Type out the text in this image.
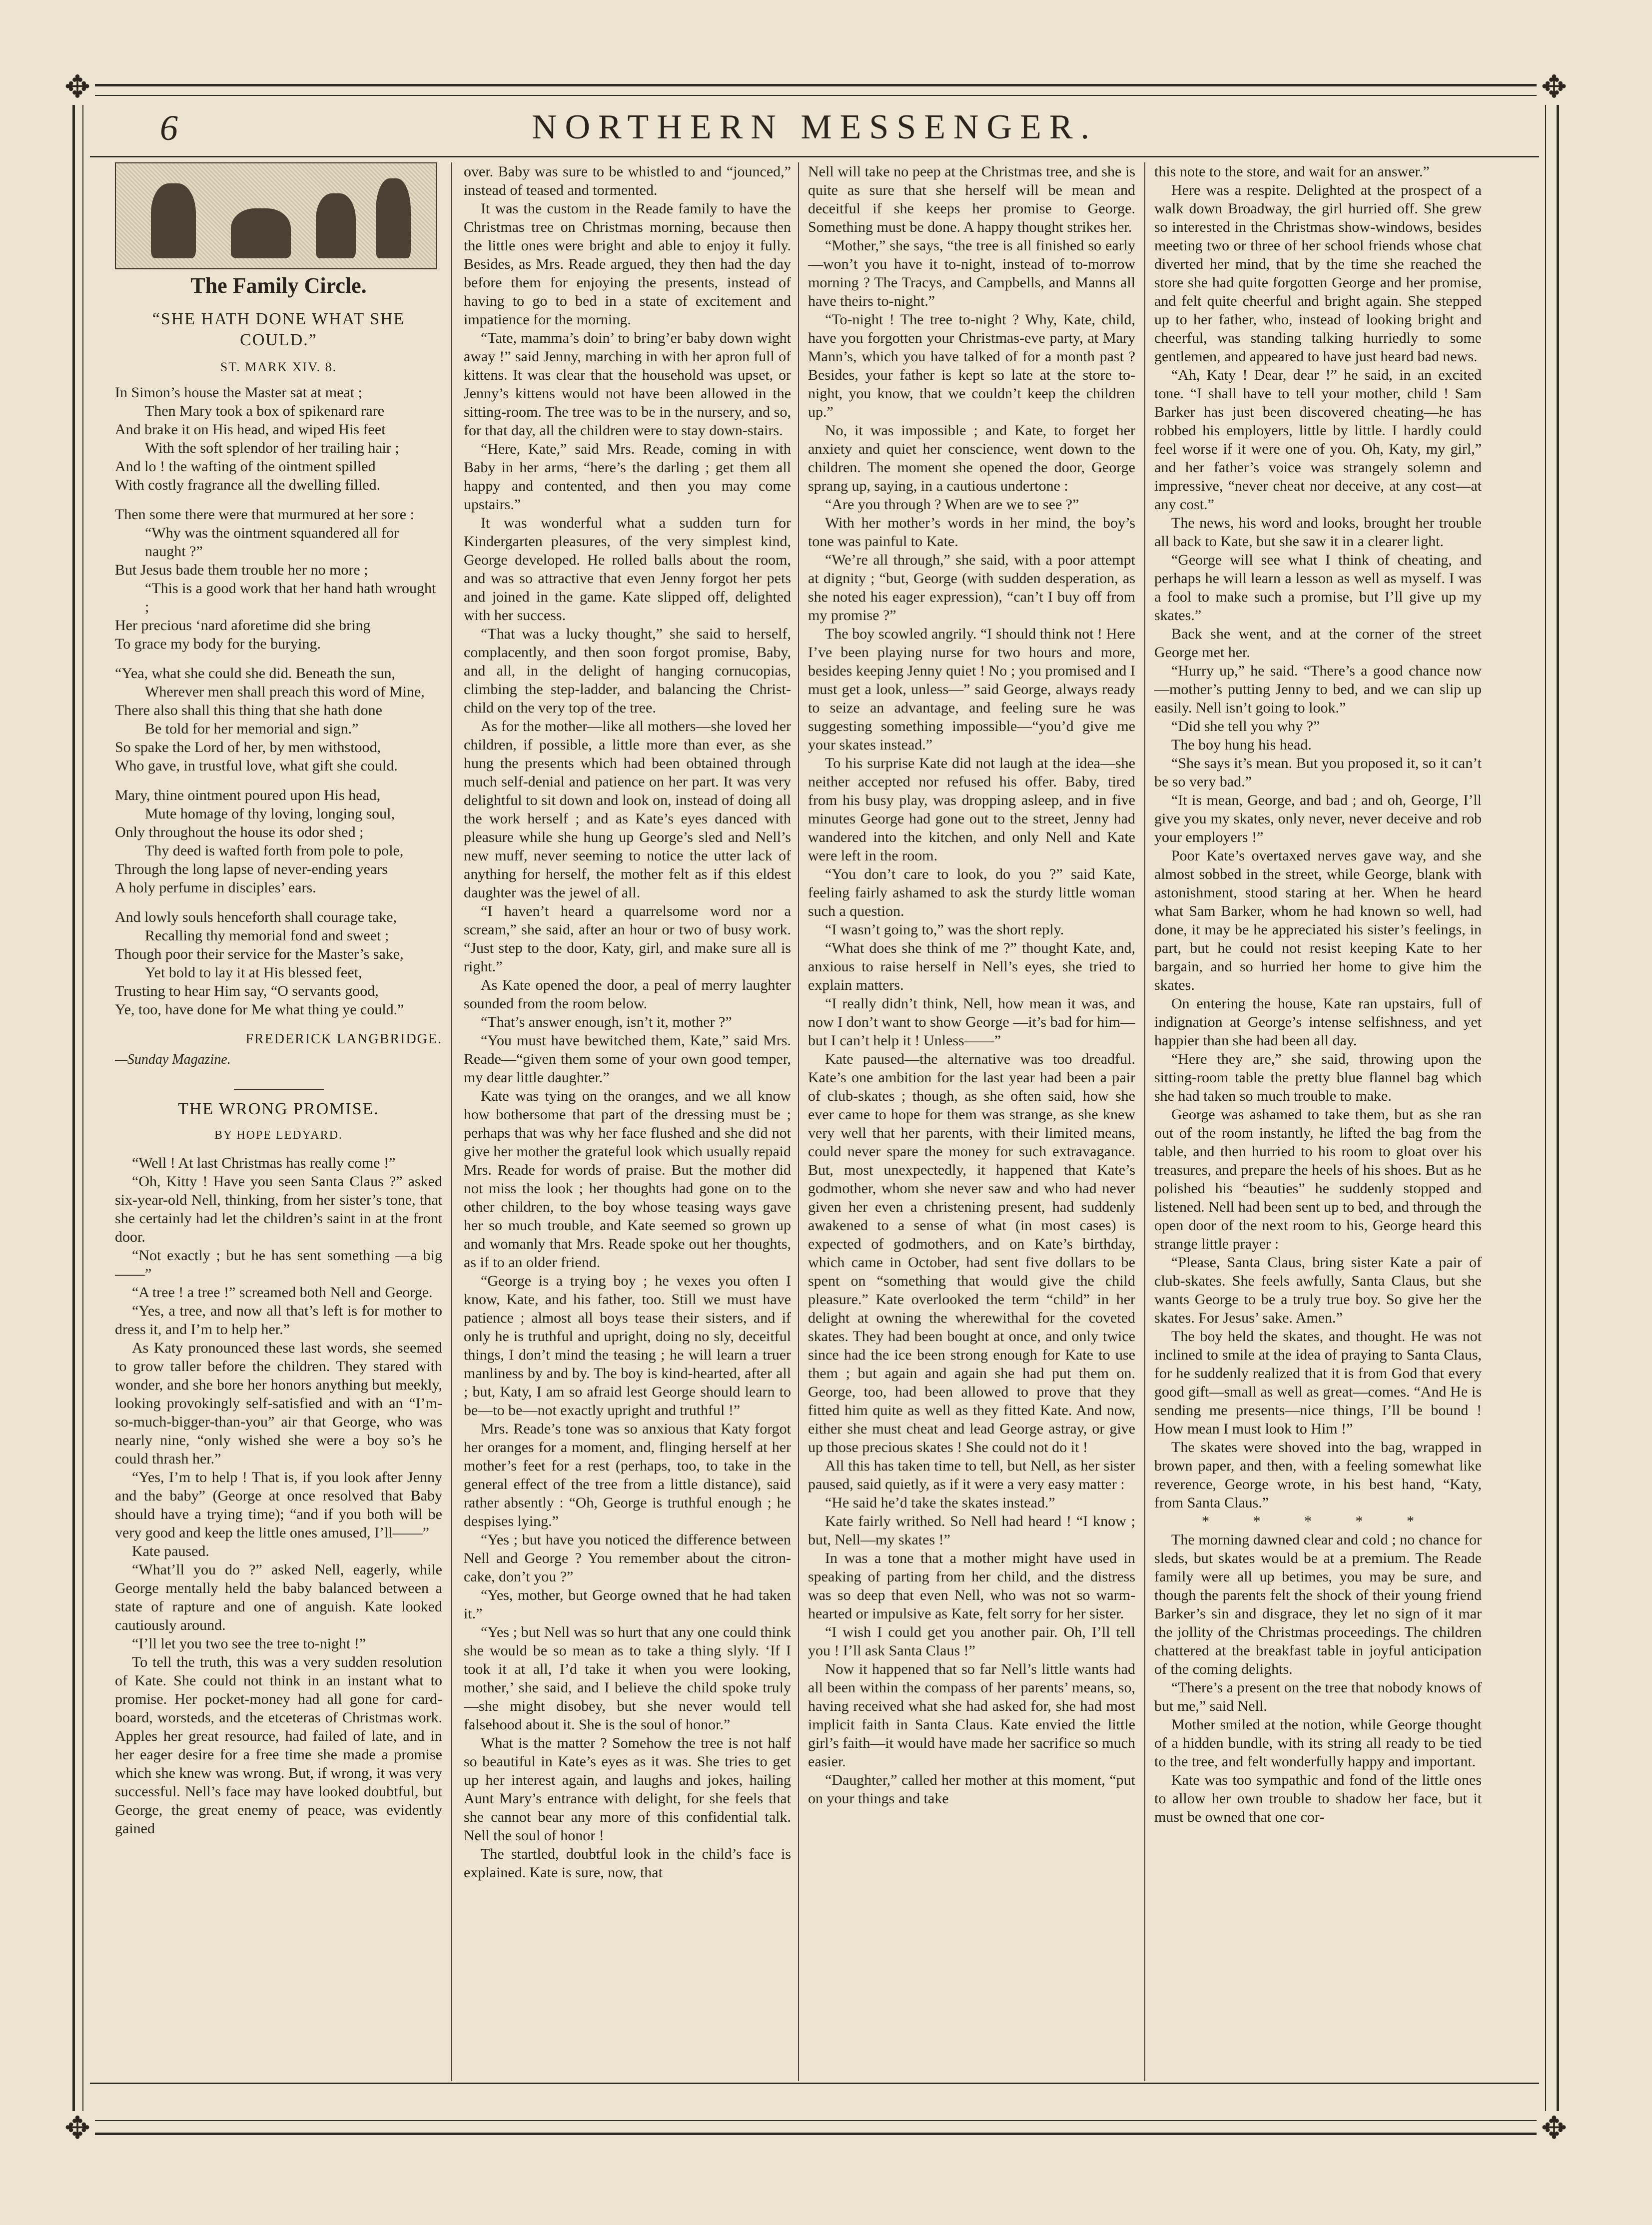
✥	✥
✥	✥
6	NORTHERN MESSENGER.
The Family Circle.
“SHE HATH DONE WHAT SHE COULD.”
ST. MARK XIV. 8.
In Simon’s house the Master sat at meat ;
Then Mary took a box of spikenard rare
And brake it on His head, and wiped His feet
With the soft splendor of her trailing hair ;
And lo ! the wafting of the ointment spilled
With costly fragrance all the dwelling filled.
Then some there were that murmured at her sore :
“Why was the ointment squandered all for naught ?”
But Jesus bade them trouble her no more ;
“This is a good work that her hand hath wrought ;
Her precious ‘nard aforetime did she bring
To grace my body for the burying.
“Yea, what she could she did. Beneath the sun,
Wherever men shall preach this word of Mine,
There also shall this thing that she hath done
Be told for her memorial and sign.”
So spake the Lord of her, by men withstood,
Who gave, in trustful love, what gift she could.
Mary, thine ointment poured upon His head,
Mute homage of thy loving, longing soul,
Only throughout the house its odor shed ;
Thy deed is wafted forth from pole to pole,
Through the long lapse of never-ending years
A holy perfume in disciples’ ears.
And lowly souls henceforth shall courage take,
Recalling thy memorial fond and sweet ;
Though poor their service for the Master’s sake,
Yet bold to lay it at His blessed feet,
Trusting to hear Him say, “O servants good,
Ye, too, have done for Me what thing ye could.”
FREDERICK LANGBRIDGE.
—Sunday Magazine.
THE WRONG PROMISE.
BY HOPE LEDYARD.

“Well ! At last Christmas has really come !”

“Oh, Kitty ! Have you seen Santa Claus ?” asked six-year-old Nell, thinking, from her sister’s tone, that she certainly had let the children’s saint in at the front door.

“Not exactly ; but he has sent something —a big——”

“A tree ! a tree !” screamed both Nell and George.

“Yes, a tree, and now all that’s left is for mother to dress it, and I’m to help her.”

As Katy pronounced these last words, she seemed to grow taller before the children. They stared with wonder, and she bore her honors anything but meekly, looking provokingly self-satisfied and with an “I’m-so-much-bigger-than-you” air that George, who was nearly nine, “only wished she were a boy so’s he could thrash her.”

“Yes, I’m to help ! That is, if you look after Jenny and the baby” (George at once resolved that Baby should have a trying time); “and if you both will be very good and keep the little ones amused, I’ll——”

Kate paused.

“What’ll you do ?” asked Nell, eagerly, while George mentally held the baby balanced between a state of rapture and one of anguish. Kate looked cautiously around.

“I’ll let you two see the tree to-night !”

To tell the truth, this was a very sudden resolution of Kate. She could not think in an instant what to promise. Her pocket-money had all gone for card-board, worsteds, and the etceteras of Christmas work. Apples her great resource, had failed of late, and in her eager desire for a free time she made a promise which she knew was wrong. But, if wrong, it was very successful. Nell’s face may have looked doubtful, but George, the great enemy of peace, was evidently gained

over. Baby was sure to be whistled to and “jounced,” instead of teased and tormented.

It was the custom in the Reade family to have the Christmas tree on Christmas morning, because then the little ones were bright and able to enjoy it fully. Besides, as Mrs. Reade argued, they then had the day before them for enjoying the presents, instead of having to go to bed in a state of excitement and impatience for the morning.

“Tate, mamma’s doin’ to bring’er baby down wight away !” said Jenny, marching in with her apron full of kittens. It was clear that the household was upset, or Jenny’s kittens would not have been allowed in the sitting-room. The tree was to be in the nursery, and so, for that day, all the children were to stay down-stairs.

“Here, Kate,” said Mrs. Reade, coming in with Baby in her arms, “here’s the darling ; get them all happy and contented, and then you may come upstairs.”

It was wonderful what a sudden turn for Kindergarten pleasures, of the very simplest kind, George developed. He rolled balls about the room, and was so attractive that even Jenny forgot her pets and joined in the game. Kate slipped off, delighted with her success.

“That was a lucky thought,” she said to herself, complacently, and then soon forgot promise, Baby, and all, in the delight of hanging cornucopias, climbing the step-ladder, and balancing the Christ-child on the very top of the tree.

As for the mother—like all mothers—she loved her children, if possible, a little more than ever, as she hung the presents which had been obtained through much self-denial and patience on her part. It was very delightful to sit down and look on, instead of doing all the work herself ; and as Kate’s eyes danced with pleasure while she hung up George’s sled and Nell’s new muff, never seeming to notice the utter lack of anything for herself, the mother felt as if this eldest daughter was the jewel of all.

“I haven’t heard a quarrelsome word nor a scream,” she said, after an hour or two of busy work. “Just step to the door, Katy, girl, and make sure all is right.”

As Kate opened the door, a peal of merry laughter sounded from the room below.

“That’s answer enough, isn’t it, mother ?”

“You must have bewitched them, Kate,” said Mrs. Reade—“given them some of your own good temper, my dear little daughter.”

Kate was tying on the oranges, and we all know how bothersome that part of the dressing must be ; perhaps that was why her face flushed and she did not give her mother the grateful look which usually repaid Mrs. Reade for words of praise. But the mother did not miss the look ; her thoughts had gone on to the other children, to the boy whose teasing ways gave her so much trouble, and Kate seemed so grown up and womanly that Mrs. Reade spoke out her thoughts, as if to an older friend.

“George is a trying boy ; he vexes you often I know, Kate, and his father, too. Still we must have patience ; almost all boys tease their sisters, and if only he is truthful and upright, doing no sly, deceitful things, I don’t mind the teasing ; he will learn a truer manliness by and by. The boy is kind-hearted, after all ; but, Katy, I am so afraid lest George should learn to be—to be—not exactly upright and truthful !”

Mrs. Reade’s tone was so anxious that Katy forgot her oranges for a moment, and, flinging herself at her mother’s feet for a rest (perhaps, too, to take in the general effect of the tree from a little distance), said rather absently : “Oh, George is truthful enough ; he despises lying.”

“Yes ; but have you noticed the difference between Nell and George ? You remember about the citron-cake, don’t you ?”

“Yes, mother, but George owned that he had taken it.”

“Yes ; but Nell was so hurt that any one could think she would be so mean as to take a thing slyly. ‘If I took it at all, I’d take it when you were looking, mother,’ she said, and I believe the child spoke truly—she might disobey, but she never would tell falsehood about it. She is the soul of honor.”

What is the matter ? Somehow the tree is not half so beautiful in Kate’s eyes as it was. She tries to get up her interest again, and laughs and jokes, hailing Aunt Mary’s entrance with delight, for she feels that she cannot bear any more of this confidential talk. Nell the soul of honor !

The startled, doubtful look in the child’s face is explained. Kate is sure, now, that

Nell will take no peep at the Christmas tree, and she is quite as sure that she herself will be mean and deceitful if she keeps her promise to George. Something must be done. A happy thought strikes her.

“Mother,” she says, “the tree is all finished so early—won’t you have it to-night, instead of to-morrow morning ? The Tracys, and Campbells, and Manns all have theirs to-night.”

“To-night ! The tree to-night ? Why, Kate, child, have you forgotten your Christmas-eve party, at Mary Mann’s, which you have talked of for a month past ? Besides, your father is kept so late at the store to-night, you know, that we couldn’t keep the children up.”

No, it was impossible ; and Kate, to forget her anxiety and quiet her conscience, went down to the children. The moment she opened the door, George sprang up, saying, in a cautious undertone :

“Are you through ? When are we to see ?”

With her mother’s words in her mind, the boy’s tone was painful to Kate.

“We’re all through,” she said, with a poor attempt at dignity ; “but, George (with sudden desperation, as she noted his eager expression), “can’t I buy off from my promise ?”

The boy scowled angrily. “I should think not ! Here I’ve been playing nurse for two hours and more, besides keeping Jenny quiet ! No ; you promised and I must get a look, unless—” said George, always ready to seize an advantage, and feeling sure he was suggesting something impossible—“you’d give me your skates instead.”

To his surprise Kate did not laugh at the idea—she neither accepted nor refused his offer. Baby, tired from his busy play, was dropping asleep, and in five minutes George had gone out to the street, Jenny had wandered into the kitchen, and only Nell and Kate were left in the room.

“You don’t care to look, do you ?” said Kate, feeling fairly ashamed to ask the sturdy little woman such a question.

“I wasn’t going to,” was the short reply.

“What does she think of me ?” thought Kate, and, anxious to raise herself in Nell’s eyes, she tried to explain matters.

“I really didn’t think, Nell, how mean it was, and now I don’t want to show George —it’s bad for him—but I can’t help it ! Unless——”

Kate paused—the alternative was too dreadful. Kate’s one ambition for the last year had been a pair of club-skates ; though, as she often said, how she ever came to hope for them was strange, as she knew very well that her parents, with their limited means, could never spare the money for such extravagance. But, most unexpectedly, it happened that Kate’s godmother, whom she never saw and who had never given her even a christening present, had suddenly awakened to a sense of what (in most cases) is expected of godmothers, and on Kate’s birthday, which came in October, had sent five dollars to be spent on “something that would give the child pleasure.” Kate overlooked the term “child” in her delight at owning the wherewithal for the coveted skates. They had been bought at once, and only twice since had the ice been strong enough for Kate to use them ; but again and again she had put them on. George, too, had been allowed to prove that they fitted him quite as well as they fitted Kate. And now, either she must cheat and lead George astray, or give up those precious skates ! She could not do it !

All this has taken time to tell, but Nell, as her sister paused, said quietly, as if it were a very easy matter :

“He said he’d take the skates instead.”

Kate fairly writhed. So Nell had heard ! “I know ; but, Nell—my skates !”

In was a tone that a mother might have used in speaking of parting from her child, and the distress was so deep that even Nell, who was not so warm-hearted or impulsive as Kate, felt sorry for her sister.

“I wish I could get you another pair. Oh, I’ll tell you ! I’ll ask Santa Claus !”

Now it happened that so far Nell’s little wants had all been within the compass of her parents’ means, so, having received what she had asked for, she had most implicit faith in Santa Claus. Kate envied the little girl’s faith—it would have made her sacrifice so much easier.

“Daughter,” called her mother at this moment, “put on your things and take

this note to the store, and wait for an answer.”

Here was a respite. Delighted at the prospect of a walk down Broadway, the girl hurried off. She grew so interested in the Christmas show-windows, besides meeting two or three of her school friends whose chat diverted her mind, that by the time she reached the store she had quite forgotten George and her promise, and felt quite cheerful and bright again. She stepped up to her father, who, instead of looking bright and cheerful, was standing talking hurriedly to some gentlemen, and appeared to have just heard bad news.

“Ah, Katy ! Dear, dear !” he said, in an excited tone. “I shall have to tell your mother, child ! Sam Barker has just been discovered cheating—he has robbed his employers, little by little. I hardly could feel worse if it were one of you. Oh, Katy, my girl,” and her father’s voice was strangely solemn and impressive, “never cheat nor deceive, at any cost—at any cost.”

The news, his word and looks, brought her trouble all back to Kate, but she saw it in a clearer light.

“George will see what I think of cheating, and perhaps he will learn a lesson as well as myself. I was a fool to make such a promise, but I’ll give up my skates.”

Back she went, and at the corner of the street George met her.

“Hurry up,” he said. “There’s a good chance now—mother’s putting Jenny to bed, and we can slip up easily. Nell isn’t going to look.”

“Did she tell you why ?”

The boy hung his head.

“She says it’s mean. But you proposed it, so it can’t be so very bad.”

“It is mean, George, and bad ; and oh, George, I’ll give you my skates, only never, never deceive and rob your employers !”

Poor Kate’s overtaxed nerves gave way, and she almost sobbed in the street, while George, blank with astonishment, stood staring at her. When he heard what Sam Barker, whom he had known so well, had done, it may be he appreciated his sister’s feelings, in part, but he could not resist keeping Kate to her bargain, and so hurried her home to give him the skates.

On entering the house, Kate ran upstairs, full of indignation at George’s intense selfishness, and yet happier than she had been all day.

“Here they are,” she said, throwing upon the sitting-room table the pretty blue flannel bag which she had taken so much trouble to make.

George was ashamed to take them, but as she ran out of the room instantly, he lifted the bag from the table, and then hurried to his room to gloat over his treasures, and prepare the heels of his shoes. But as he polished his “beauties” he suddenly stopped and listened. Nell had been sent up to bed, and through the open door of the next room to his, George heard this strange little prayer :

“Please, Santa Claus, bring sister Kate a pair of club-skates. She feels awfully, Santa Claus, but she wants George to be a truly true boy. So give her the skates. For Jesus’ sake. Amen.”

The boy held the skates, and thought. He was not inclined to smile at the idea of praying to Santa Claus, for he suddenly realized that it is from God that every good gift—small as well as great—comes. “And He is sending me presents—nice things, I’ll be bound ! How mean I must look to Him !”

The skates were shoved into the bag, wrapped in brown paper, and then, with a feeling somewhat like reverence, George wrote, in his best hand, “Katy, from Santa Claus.”

* * * * *

The morning dawned clear and cold ; no chance for sleds, but skates would be at a premium. The Reade family were all up betimes, you may be sure, and though the parents felt the shock of their young friend Barker’s sin and disgrace, they let no sign of it mar the jollity of the Christmas proceedings. The children chattered at the breakfast table in joyful anticipation of the coming delights.

“There’s a present on the tree that nobody knows of but me,” said Nell.

Mother smiled at the notion, while George thought of a hidden bundle, with its string all ready to be tied to the tree, and felt wonderfully happy and important.

Kate was too sympathic and fond of the little ones to allow her own trouble to shadow her face, but it must be owned that one cor-
